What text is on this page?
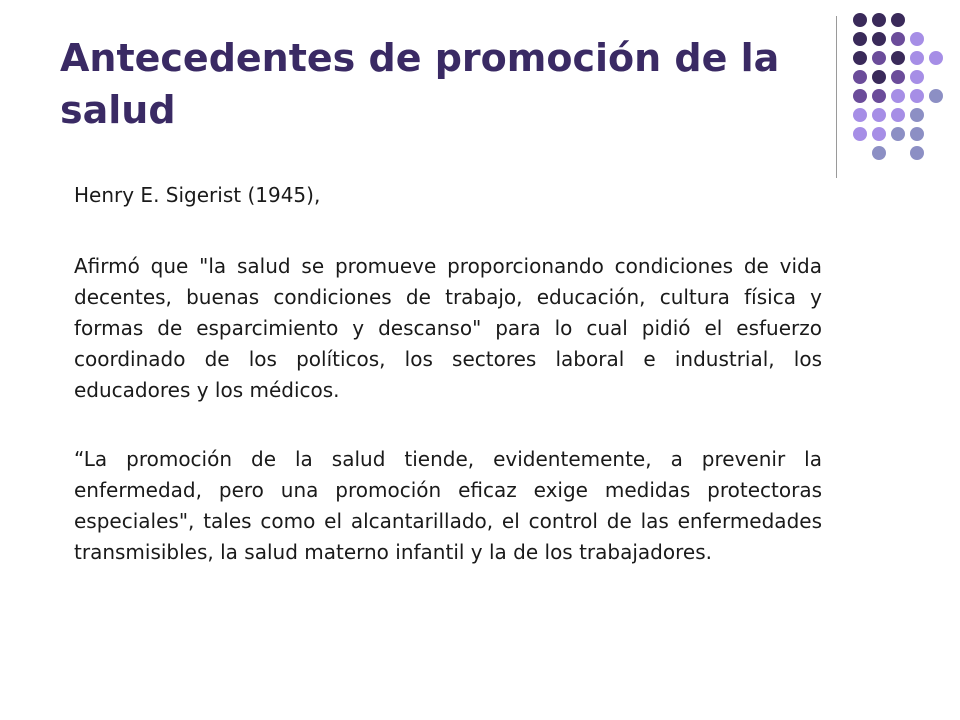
Antecedentes de promoción de la salud

Henry E. Sigerist (1945),

Afirmó que "la salud se promueve proporcionando condiciones de vida decentes, buenas condiciones de trabajo, educación, cultura física y formas de esparcimiento y descanso" para lo cual pidió el esfuerzo coordinado de los políticos, los sectores laboral e industrial, los educadores y los médicos.

“La promoción de la salud tiende, evidentemente, a prevenir la enfermedad, pero una promoción eficaz exige medidas protectoras especiales", tales como el alcantarillado, el control de las enfermedades transmisibles, la salud materno infantil y la de los trabajadores.
